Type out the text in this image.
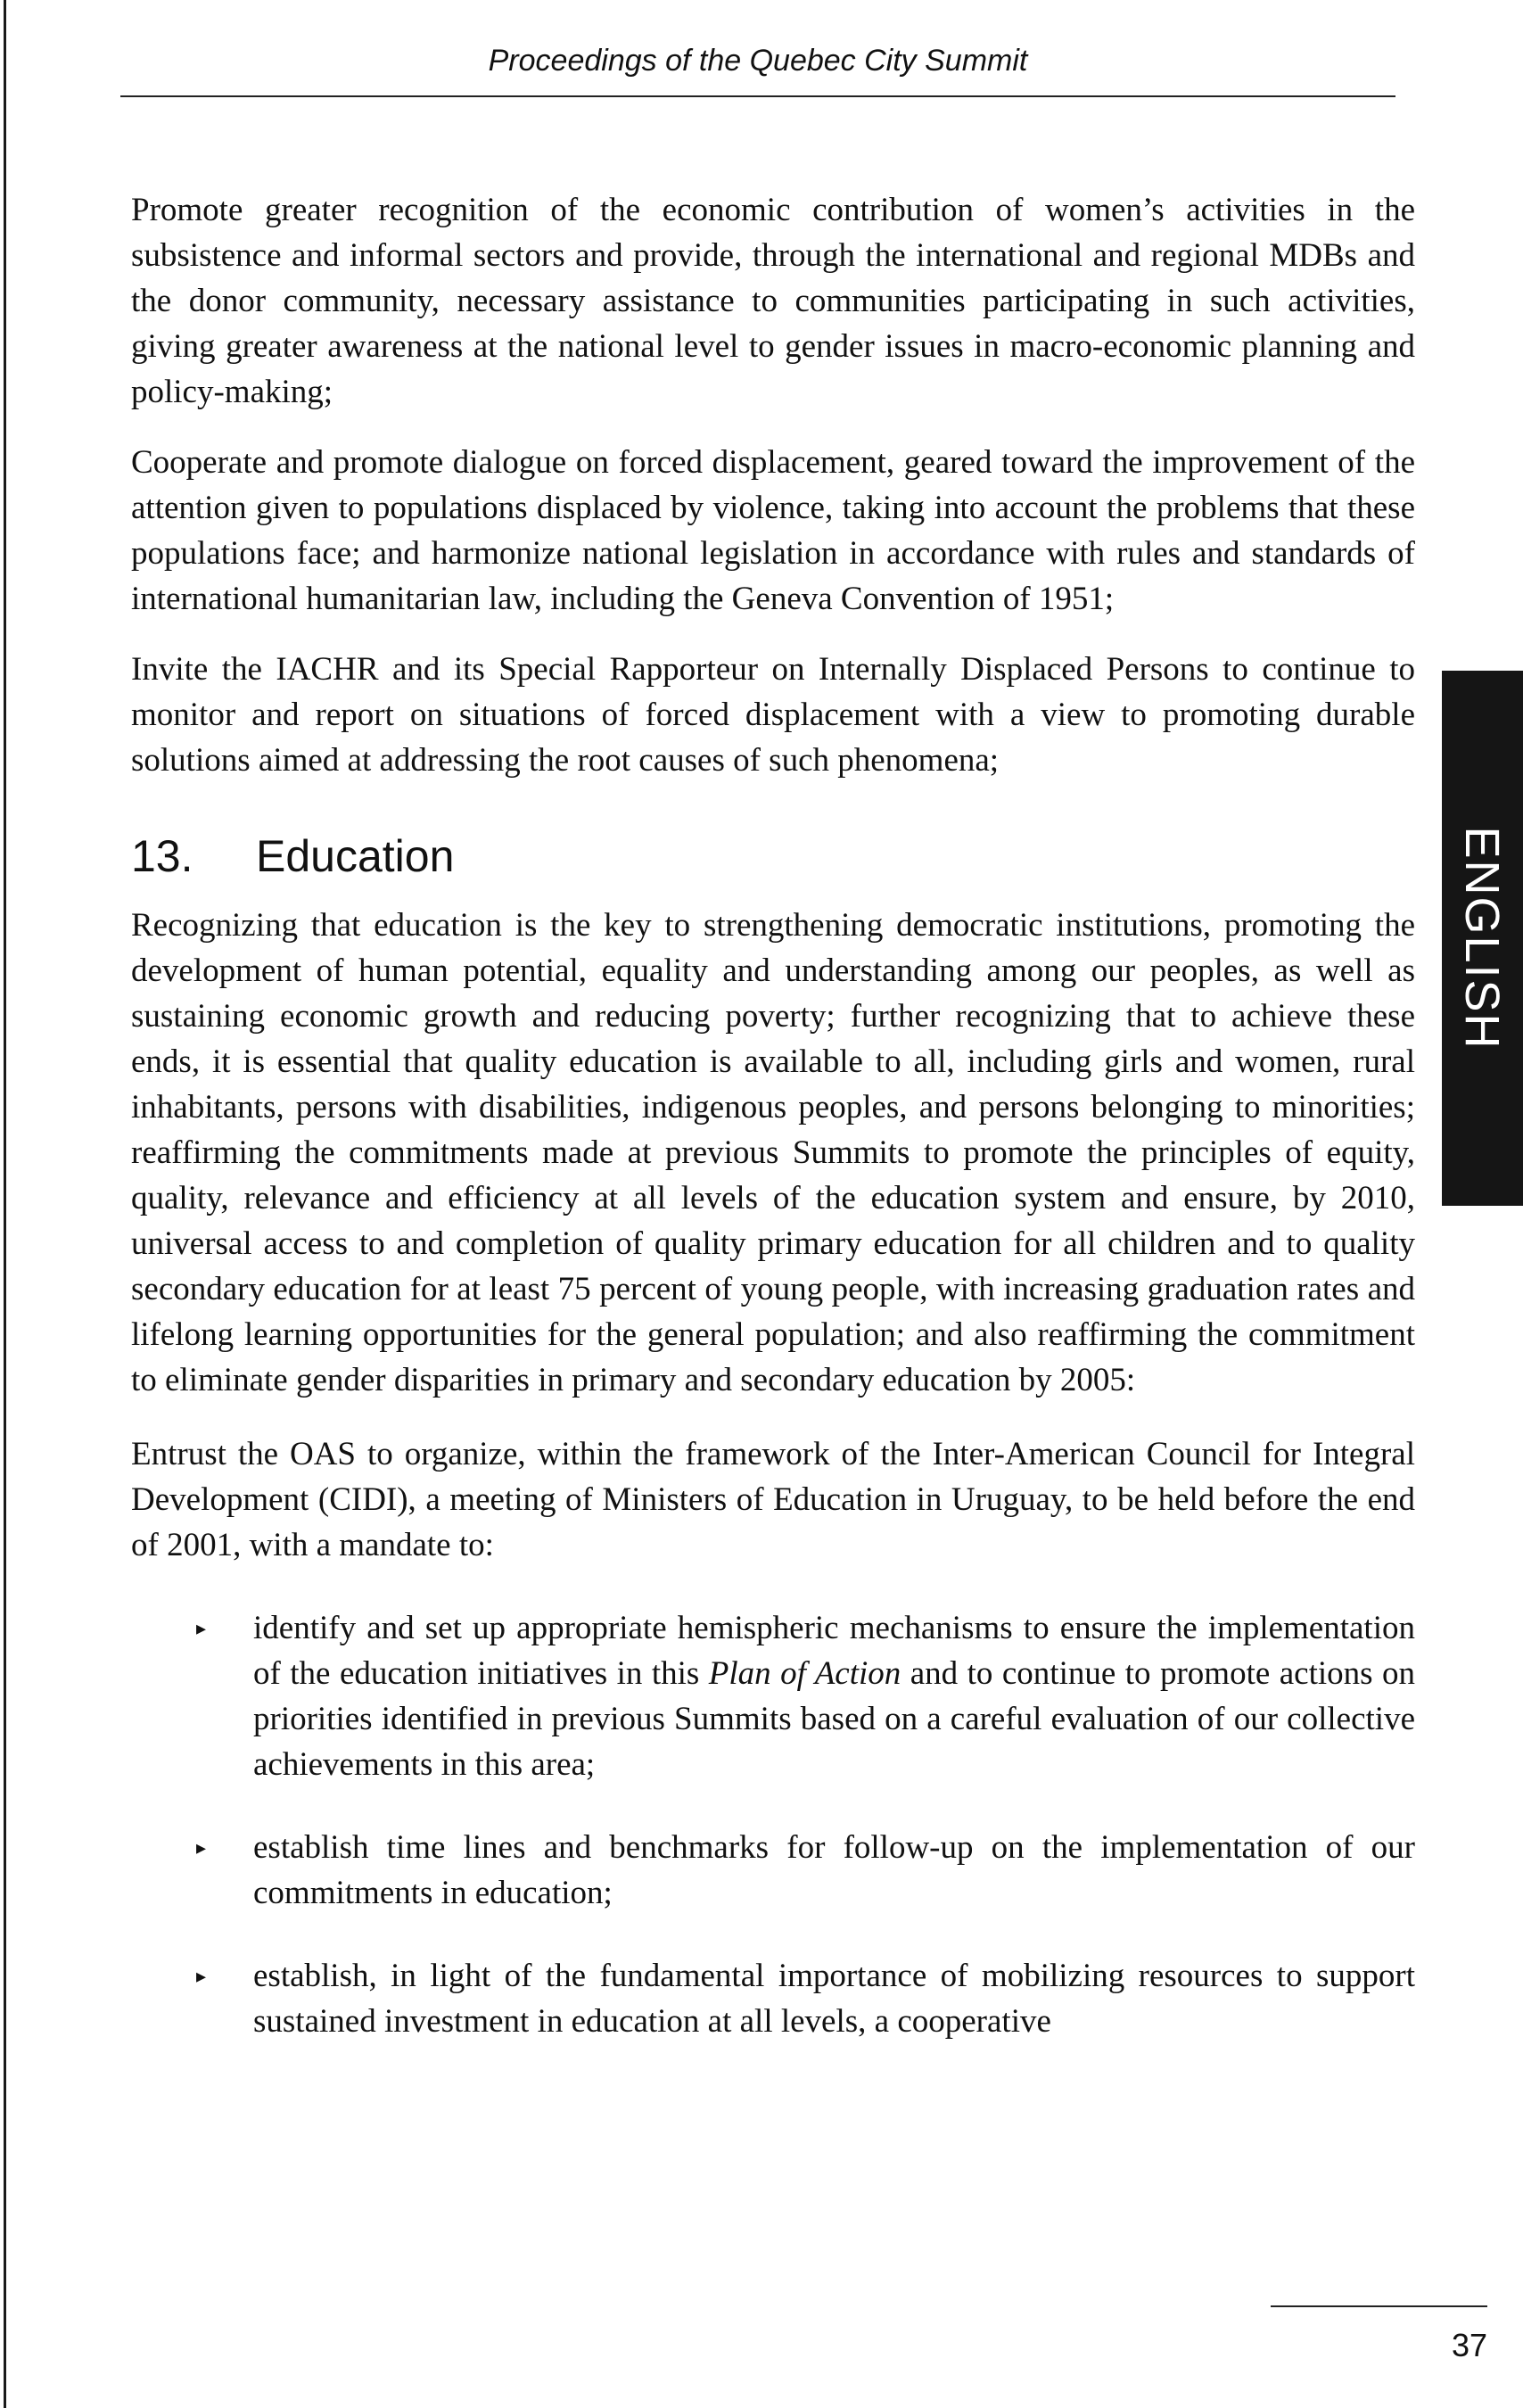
Proceedings of the Quebec City Summit

Promote greater recognition of the economic contribution of women’s activities in the subsistence and informal sectors and provide, through the international and regional MDBs and the donor community, necessary assistance to communities participating in such activities, giving greater awareness at the national level to gender issues in macro-economic planning and policy-making;

Cooperate and promote dialogue on forced displacement, geared toward the improvement of the attention given to populations displaced by violence, taking into account the problems that these populations face; and harmonize national legislation in accordance with rules and standards of international humanitarian law, including the Geneva Convention of 1951;

Invite the IACHR and its Special Rapporteur on Internally Displaced Persons to continue to monitor and report on situations of forced displacement with a view to promoting durable solutions aimed at addressing the root causes of such phenomena;

13. Education

Recognizing that education is the key to strengthening democratic institutions, promoting the development of human potential, equality and understanding among our peoples, as well as sustaining economic growth and reducing poverty; further recognizing that to achieve these ends, it is essential that quality education is available to all, including girls and women, rural inhabitants, persons with disabilities, indigenous peoples, and persons belonging to minorities; reaffirming the commitments made at previous Summits to promote the principles of equity, quality, relevance and efficiency at all levels of the education system and ensure, by 2010, universal access to and completion of quality primary education for all children and to quality secondary education for at least 75 percent of young people, with increasing graduation rates and lifelong learning opportunities for the general population; and also reaffirming the commitment to eliminate gender disparities in primary and secondary education by 2005:

Entrust the OAS to organize, within the framework of the Inter-American Council for Integral Development (CIDI), a meeting of Ministers of Education in Uruguay, to be held before the end of 2001, with a mandate to:

▸ identify and set up appropriate hemispheric mechanisms to ensure the implementation of the education initiatives in this Plan of Action and to continue to promote actions on priorities identified in previous Summits based on a careful evaluation of our collective achievements in this area;
▸ establish time lines and benchmarks for follow-up on the implementation of our commitments in education;
▸ establish, in light of the fundamental importance of mobilizing resources to support sustained investment in education at all levels, a cooperative
ENGLISH
37
